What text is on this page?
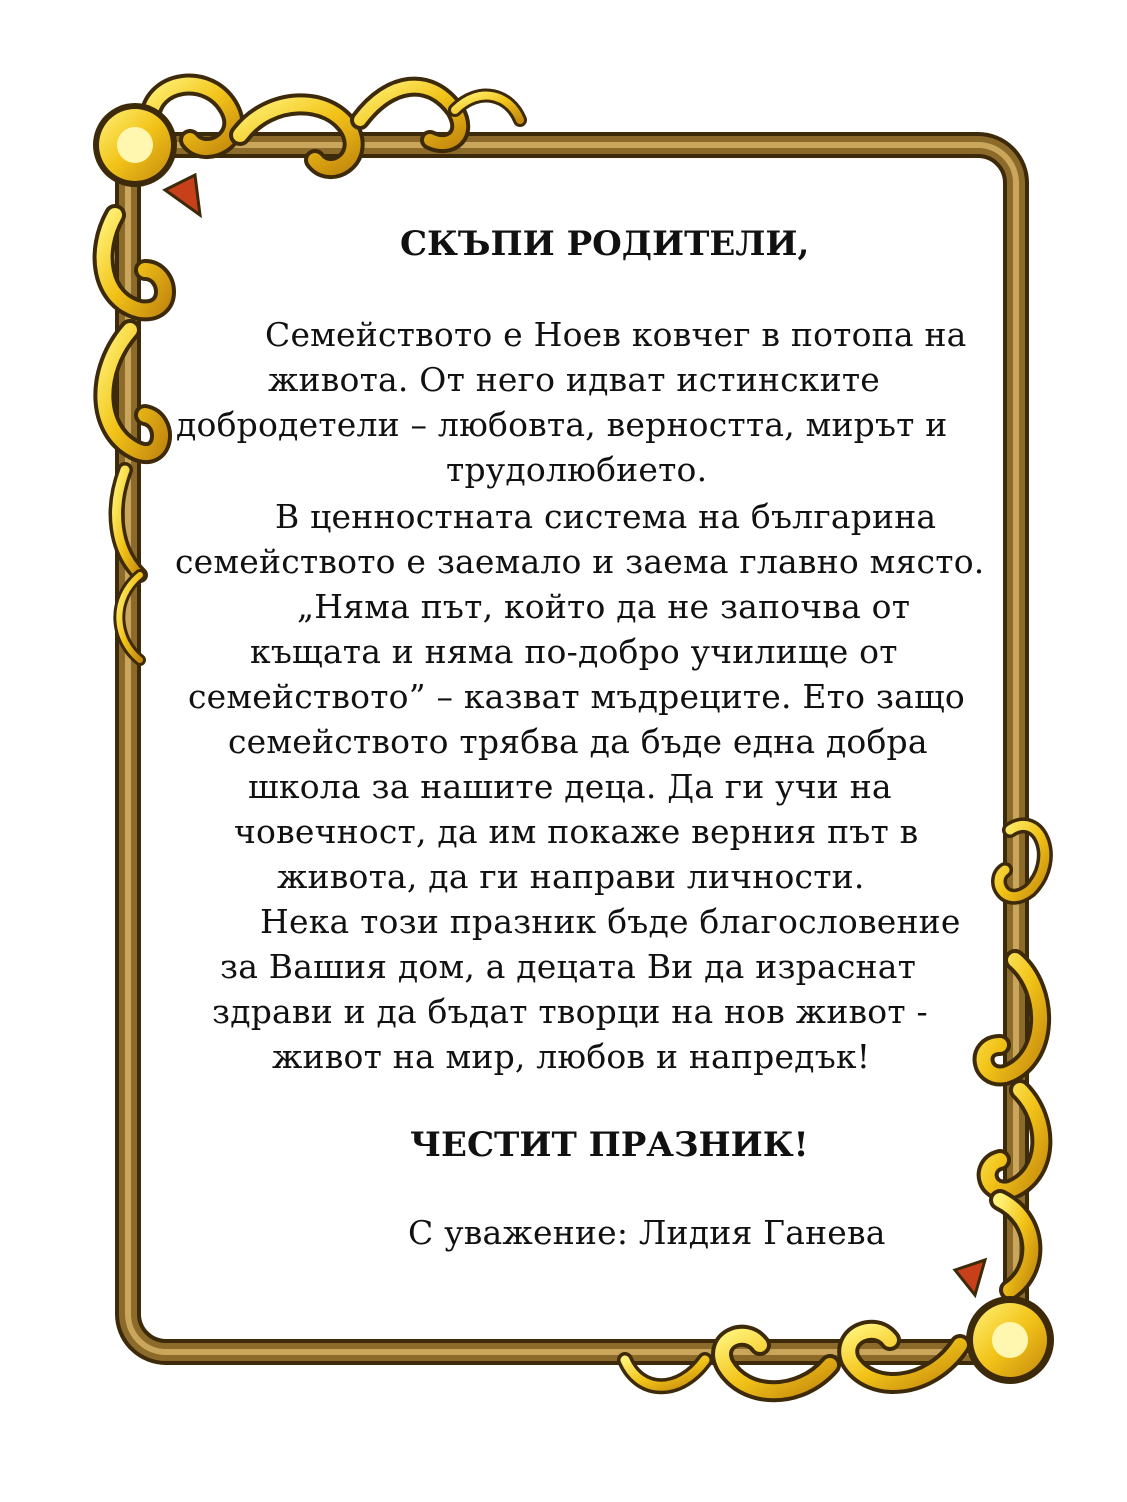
СКЪПИ РОДИТЕЛИ,

Семейството е Ноев ковчег в потопа на

живота. От него идват истинските

добродетели – любовта, верността, мирът и

трудолюбието.

В ценностната система на българина

семейството е заемало и заема главно място.

„Няма път, който да не започва от

къщата и няма по-добро училище от

семейството” – казват мъдреците. Ето защо

семейството трябва да бъде една добра

школа за нашите деца. Да ги учи на

човечност, да им покаже верния път в

живота, да ги направи личности.

Нека този празник бъде благословение

за Вашия дом, а децата Ви да израснат

здрави и да бъдат творци на нов живот -

живот на мир, любов и напредък!

ЧЕСТИТ ПРАЗНИК!

С уважение: Лидия Ганева
